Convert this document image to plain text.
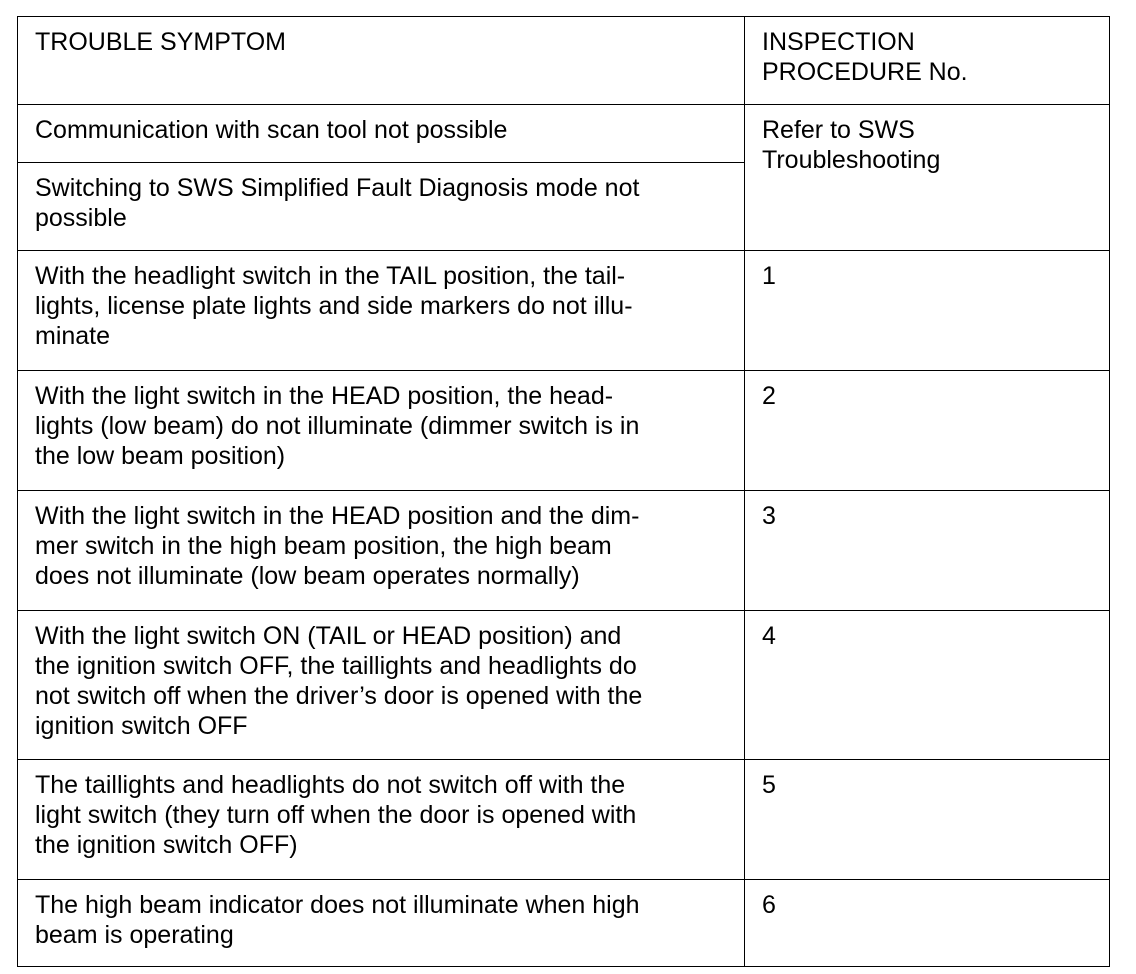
TROUBLE SYMPTOM	INSPECTION
PROCEDURE No.

Communication with scan tool not possible	Refer to SWS
Troubleshooting

Switching to SWS Simplified Fault Diagnosis mode not
possible	

With the headlight switch in the TAIL position, the tail-
lights, license plate lights and side markers do not illu-
minate	1

With the light switch in the HEAD position, the head-
lights (low beam) do not illuminate (dimmer switch is in
the low beam position)	2

With the light switch in the HEAD position and the dim-
mer switch in the high beam position, the high beam
does not illuminate (low beam operates normally)	3

With the light switch ON (TAIL or HEAD position) and
the ignition switch OFF, the taillights and headlights do
not switch off when the driver’s door is opened with the
ignition switch OFF	4

The taillights and headlights do not switch off with the
light switch (they turn off when the door is opened with
the ignition switch OFF)	5

The high beam indicator does not illuminate when high
beam is operating	6
